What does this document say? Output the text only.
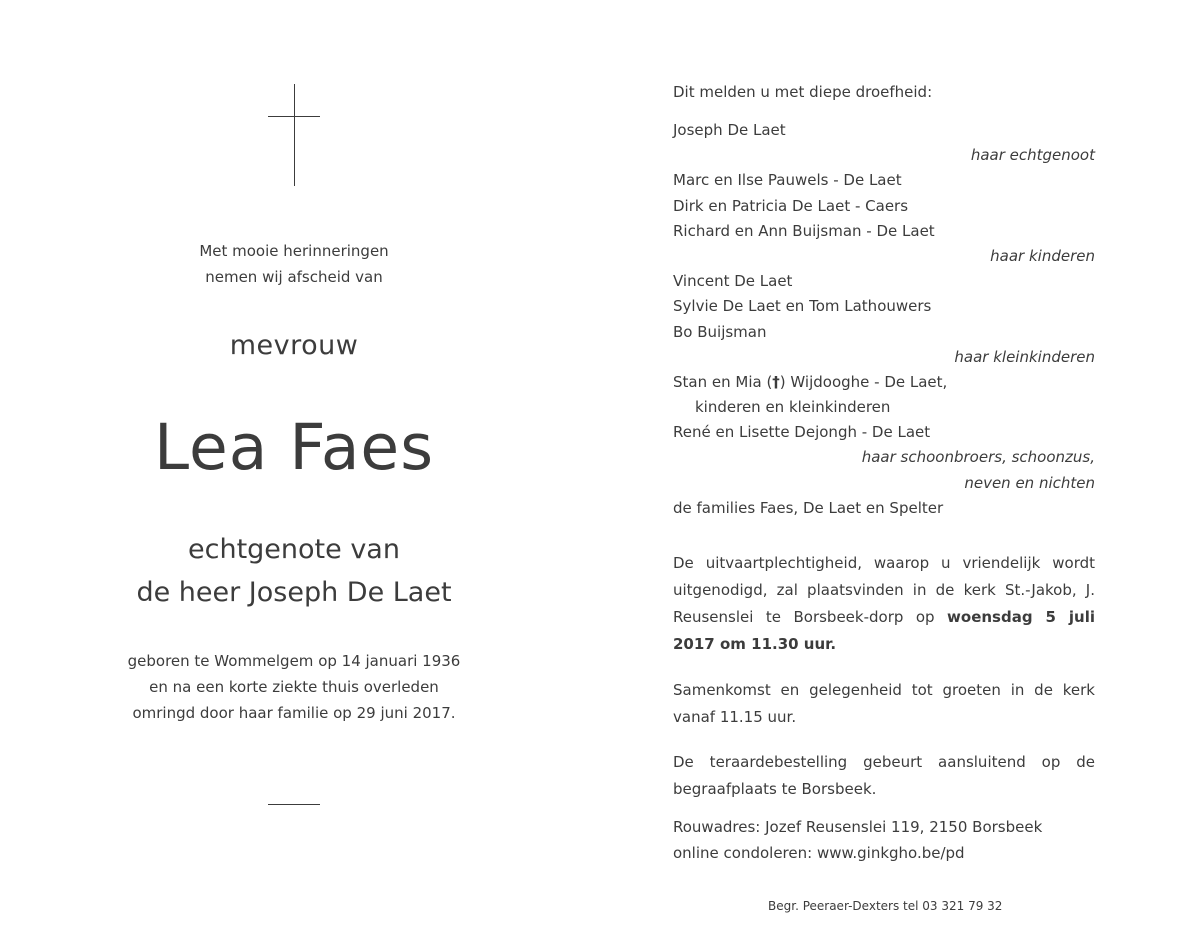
Met mooie herinneringen
nemen wij afscheid van
mevrouw
Lea Faes
echtgenote van
de heer Joseph De Laet
geboren te Wommelgem op 14 januari 1936
en na een korte ziekte thuis overleden
omringd door haar familie op 29 juni 2017.
Dit melden u met diepe droefheid:
Joseph De Laet
haar echtgenoot
Marc en Ilse Pauwels - De Laet
Dirk en Patricia De Laet - Caers
Richard en Ann Buijsman - De Laet
haar kinderen
Vincent De Laet
Sylvie De Laet en Tom Lathouwers
Bo Buijsman
haar kleinkinderen
Stan en Mia (†) Wijdooghe - De Laet,
kinderen en kleinkinderen
René en Lisette Dejongh - De Laet
haar schoonbroers, schoonzus,
neven en nichten
de families Faes, De Laet en Spelter
De uitvaartplechtigheid, waarop u vriendelijk wordt uitgenodigd, zal plaatsvinden in de kerk St.-Jakob, J. Reusenslei te Borsbeek-dorp op woensdag 5 juli 2017 om 11.30 uur.
Samenkomst en gelegenheid tot groeten in de kerk vanaf 11.15 uur.
De teraardebestelling gebeurt aansluitend op de begraafplaats te Borsbeek.
Rouwadres: Jozef Reusenslei 119, 2150 Borsbeek
online condoleren: www.ginkgho.be/pd
Begr. Peeraer-Dexters tel 03 321 79 32
